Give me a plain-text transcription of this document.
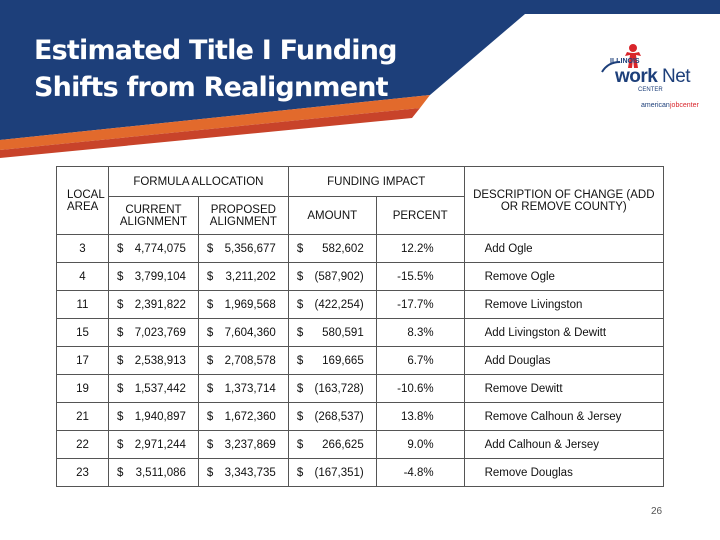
Estimated Title I Funding
Shifts from Realignment
ILLINOIS
work Net
CENTER
american jobcenter
LOCAL AREA	FORMULA ALLOCATION				FUNDING IMPACT			DESCRIPTION OF CHANGE (ADD OR REMOVE COUNTY)
	CURRENT ALIGNMENT		PROPOSED ALIGNMENT		AMOUNT		PERCENT	
3	$	4,774,075	$	5,356,677	$	582,602	12.2%	Add Ogle
4	$	3,799,104	$	3,211,202	$	(587,902)	-15.5%	Remove Ogle
11	$	2,391,822	$	1,969,568	$	(422,254)	-17.7%	Remove Livingston
15	$	7,023,769	$	7,604,360	$	580,591	8.3%	Add Livingston & Dewitt
17	$	2,538,913	$	2,708,578	$	169,665	6.7%	Add Douglas
19	$	1,537,442	$	1,373,714	$	(163,728)	-10.6%	Remove Dewitt
21	$	1,940,897	$	1,672,360	$	(268,537)	13.8%	Remove Calhoun & Jersey
22	$	2,971,244	$	3,237,869	$	266,625	9.0%	Add Calhoun & Jersey
23	$	3,511,086	$	3,343,735	$	(167,351)	-4.8%	Remove Douglas
26
